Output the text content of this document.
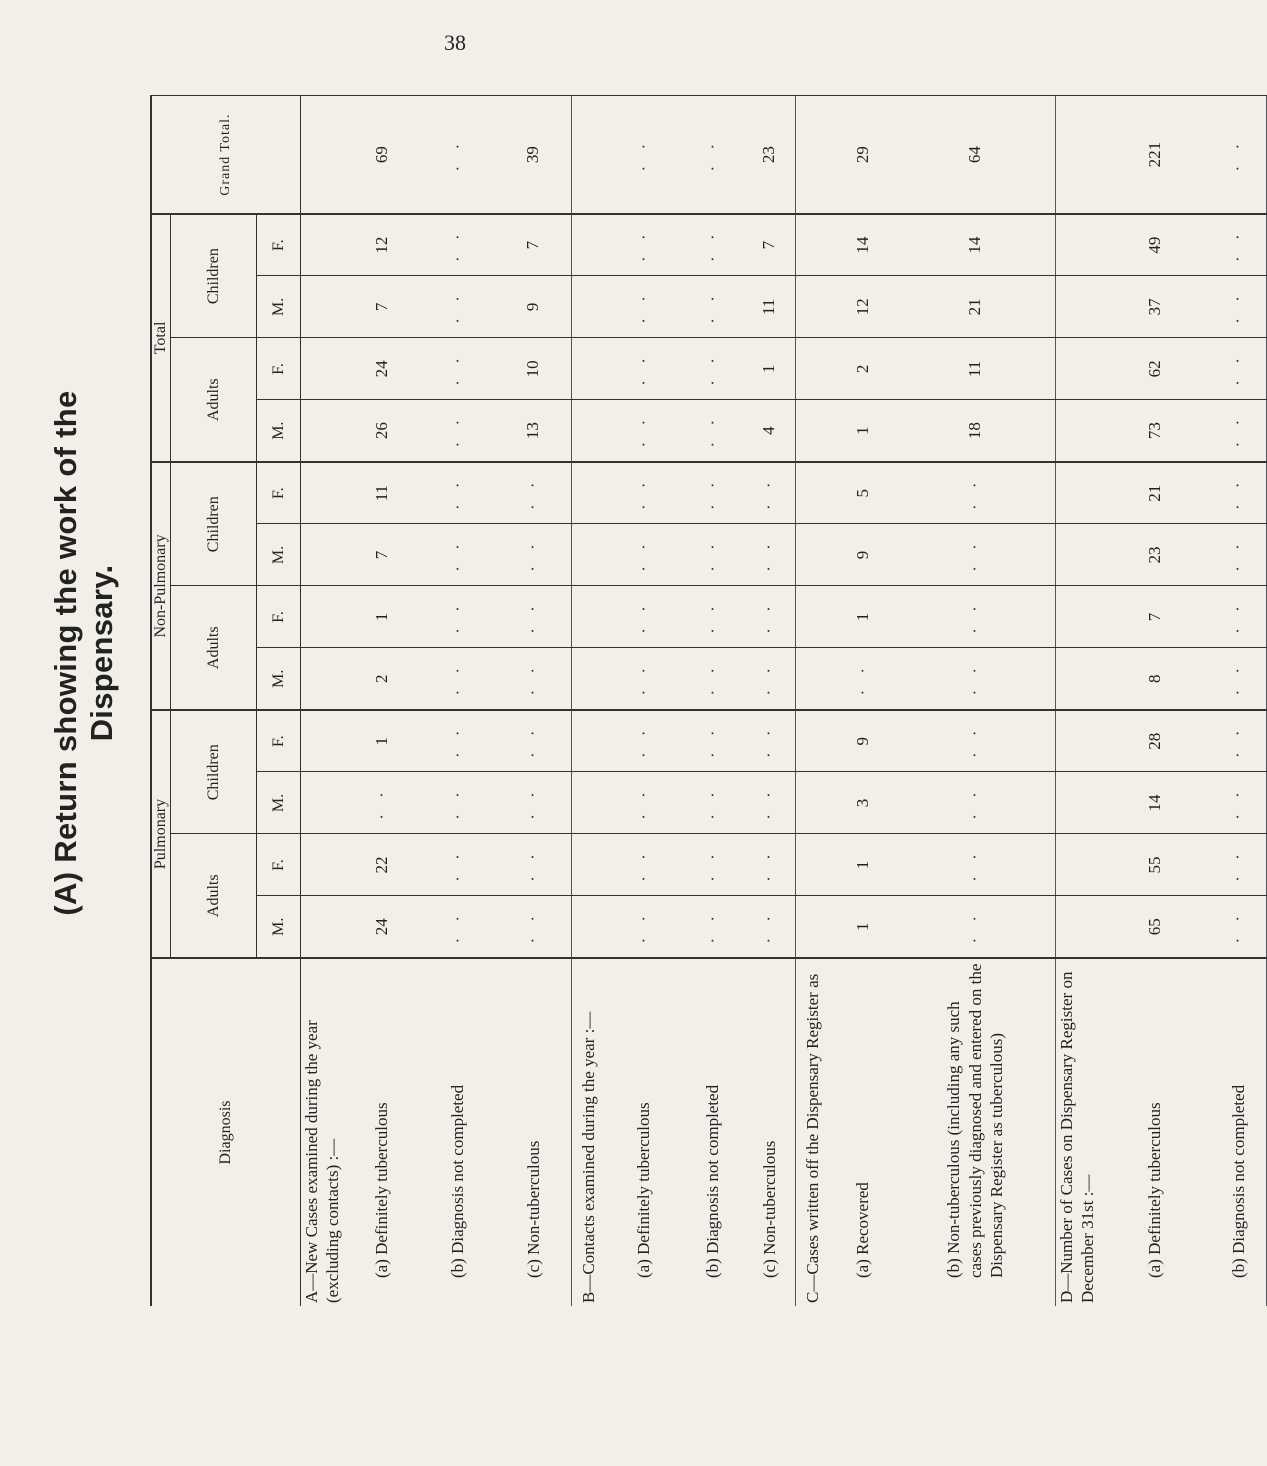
38
(A) Return showing the work of the Dispensary.
Diagnosis	Pulmonary				Non-Pulmonary				Total				Grand Total.
	Adults		Children		Adults		Children		Adults		Children		
	M.	F.	M.	F.	M.	F.	M.	F.	M.	F.	M.	F.	
A—New Cases examined during the year (excluding contacts) :—													
(a) Definitely tuberculous	24	22	· ·	1	2	1	7	11	26	24	7	12	69
(b) Diagnosis not completed	· ·	· ·	· ·	· ·	· ·	· ·	· ·	· ·	· ·	· ·	· ·	· ·	· ·
(c) Non-tuberculous	· ·	· ·	· ·	· ·	· ·	· ·	· ·	· ·	13	10	9	7	39
B—Contacts examined during the year :—													
(a) Definitely tuberculous	· ·	· ·	· ·	· ·	· ·	· ·	· ·	· ·	· ·	· ·	· ·	· ·	· ·
(b) Diagnosis not completed	· ·	· ·	· ·	· ·	· ·	· ·	· ·	· ·	· ·	· ·	· ·	· ·	· ·
(c) Non-tuberculous	· ·	· ·	· ·	· ·	· ·	· ·	· ·	· ·	4	1	11	7	23
C—Cases written off the Dispensary Register as													
(a) Recovered	1	1	3	9	· ·	1	9	5	1	2	12	14	29
(b) Non-tuberculous (including any such cases previously diagnosed and entered on the Dispensary Register as tuberculous)	· ·	· ·	· ·	· ·	· ·	· ·	· ·	· ·	18	11	21	14	64
D—Number of Cases on Dispensary Register on December 31st :—													
(a) Definitely tuberculous	65	55	14	28	8	7	23	21	73	62	37	49	221
(b) Diagnosis not completed	· ·	· ·	· ·	· ·	· ·	· ·	· ·	· ·	· ·	· ·	· ·	· ·	· ·
